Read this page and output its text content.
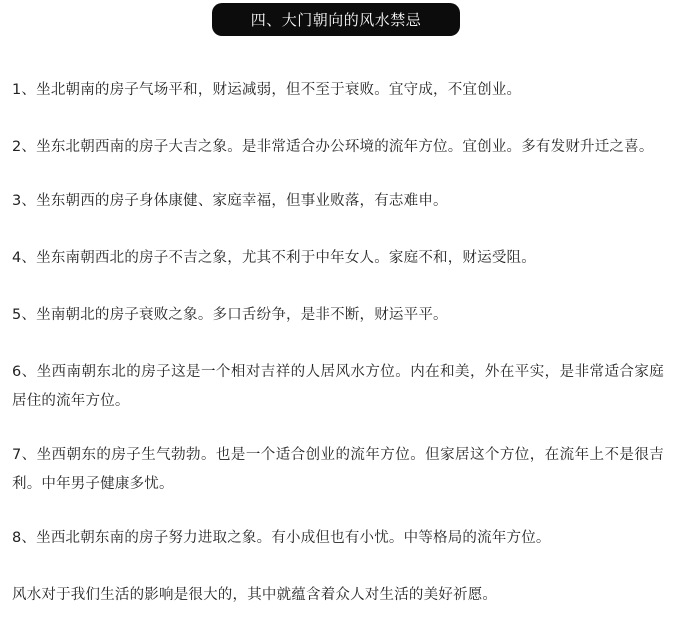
四、大门朝向的风水禁忌

1、坐北朝南的房子气场平和，财运减弱，但不至于衰败。宜守成，不宜创业。

2、坐东北朝西南的房子大吉之象。是非常适合办公环境的流年方位。宜创业。多有发财升迁之喜。

3、坐东朝西的房子身体康健、家庭幸福，但事业败落，有志难申。

4、坐东南朝西北的房子不吉之象，尤其不利于中年女人。家庭不和，财运受阻。

5、坐南朝北的房子衰败之象。多口舌纷争，是非不断，财运平平。

6、坐西南朝东北的房子这是一个相对吉祥的人居风水方位。内在和美，外在平实，是非常适合家庭居住的流年方位。

7、坐西朝东的房子生气勃勃。也是一个适合创业的流年方位。但家居这个方位，在流年上不是很吉利。中年男子健康多忧。

8、坐西北朝东南的房子努力进取之象。有小成但也有小忧。中等格局的流年方位。

风水对于我们生活的影响是很大的，其中就蕴含着众人对生活的美好祈愿。
